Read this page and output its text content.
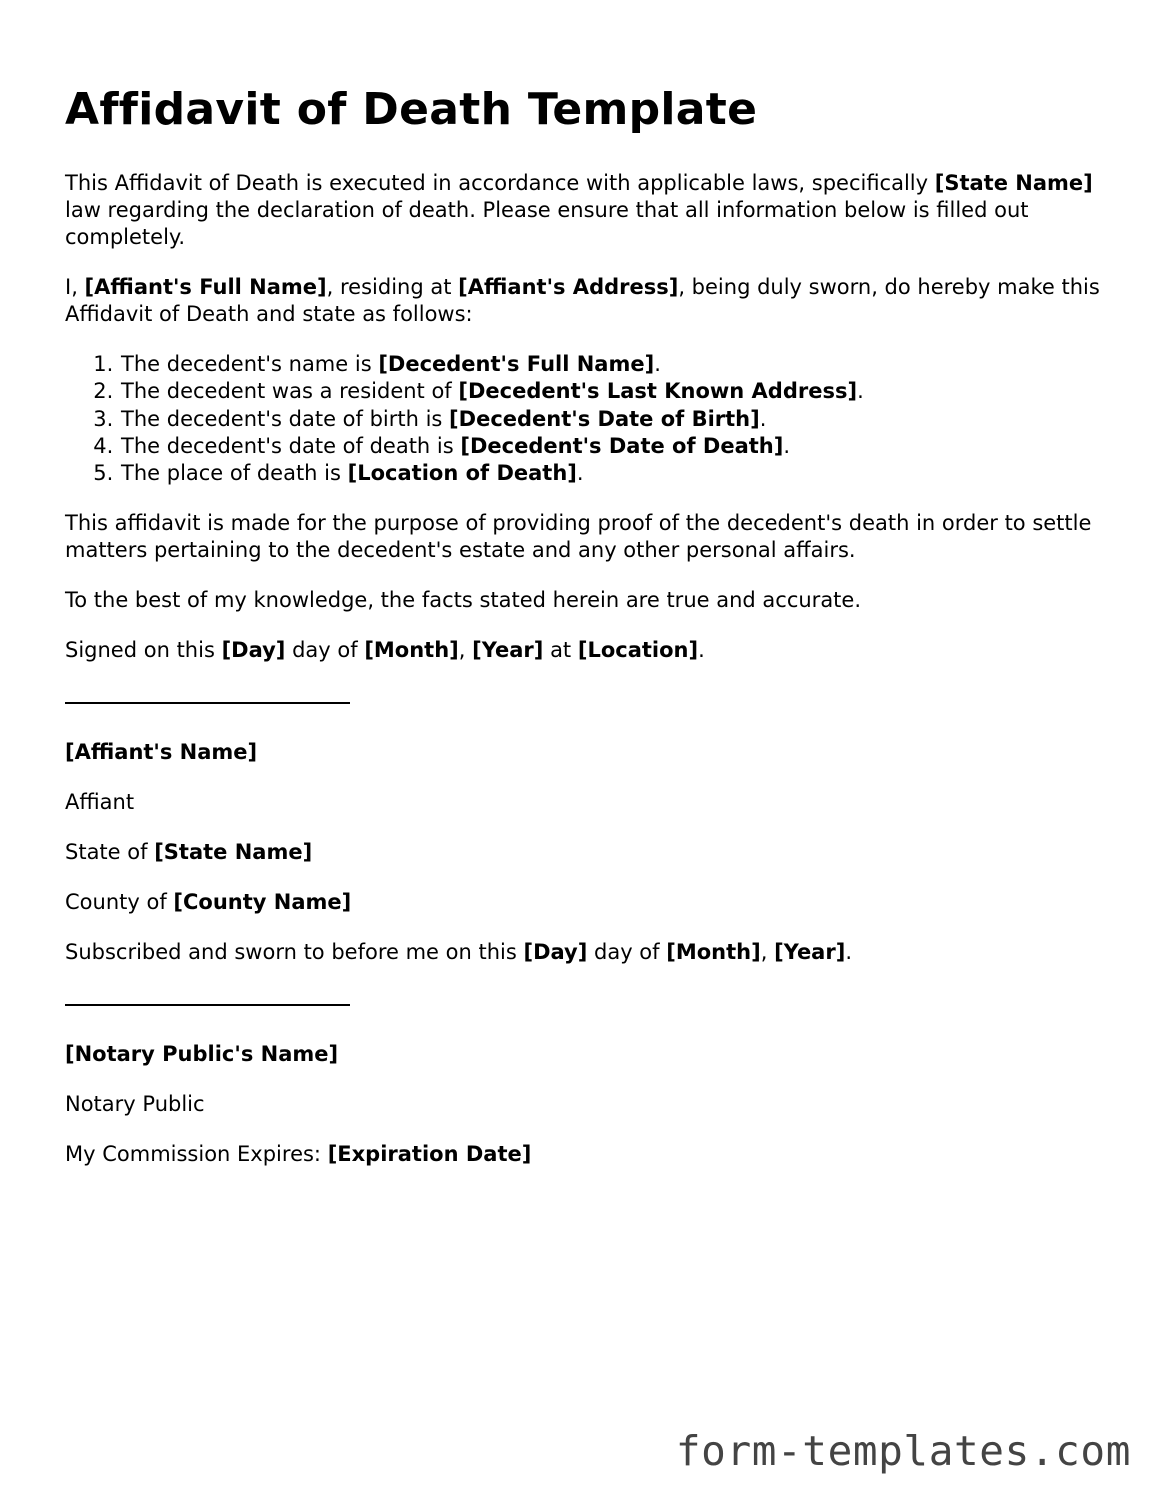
Affidavit of Death Template

This Affidavit of Death is executed in accordance with applicable laws, specifically [State Name] law regarding the declaration of death. Please ensure that all information below is filled out completely.

I, [Affiant's Full Name], residing at [Affiant's Address], being duly sworn, do hereby make this Affidavit of Death and state as follows:

1. The decedent's name is [Decedent's Full Name].
2. The decedent was a resident of [Decedent's Last Known Address].
3. The decedent's date of birth is [Decedent's Date of Birth].
4. The decedent's date of death is [Decedent's Date of Death].
5. The place of death is [Location of Death].

This affidavit is made for the purpose of providing proof of the decedent's death in order to settle matters pertaining to the decedent's estate and any other personal affairs.

To the best of my knowledge, the facts stated herein are true and accurate.

Signed on this [Day] day of [Month], [Year] at [Location].

[Affiant's Name]

Affiant

State of [State Name]

County of [County Name]

Subscribed and sworn to before me on this [Day] day of [Month], [Year].

[Notary Public's Name]

Notary Public

My Commission Expires: [Expiration Date]

form-templates.com
